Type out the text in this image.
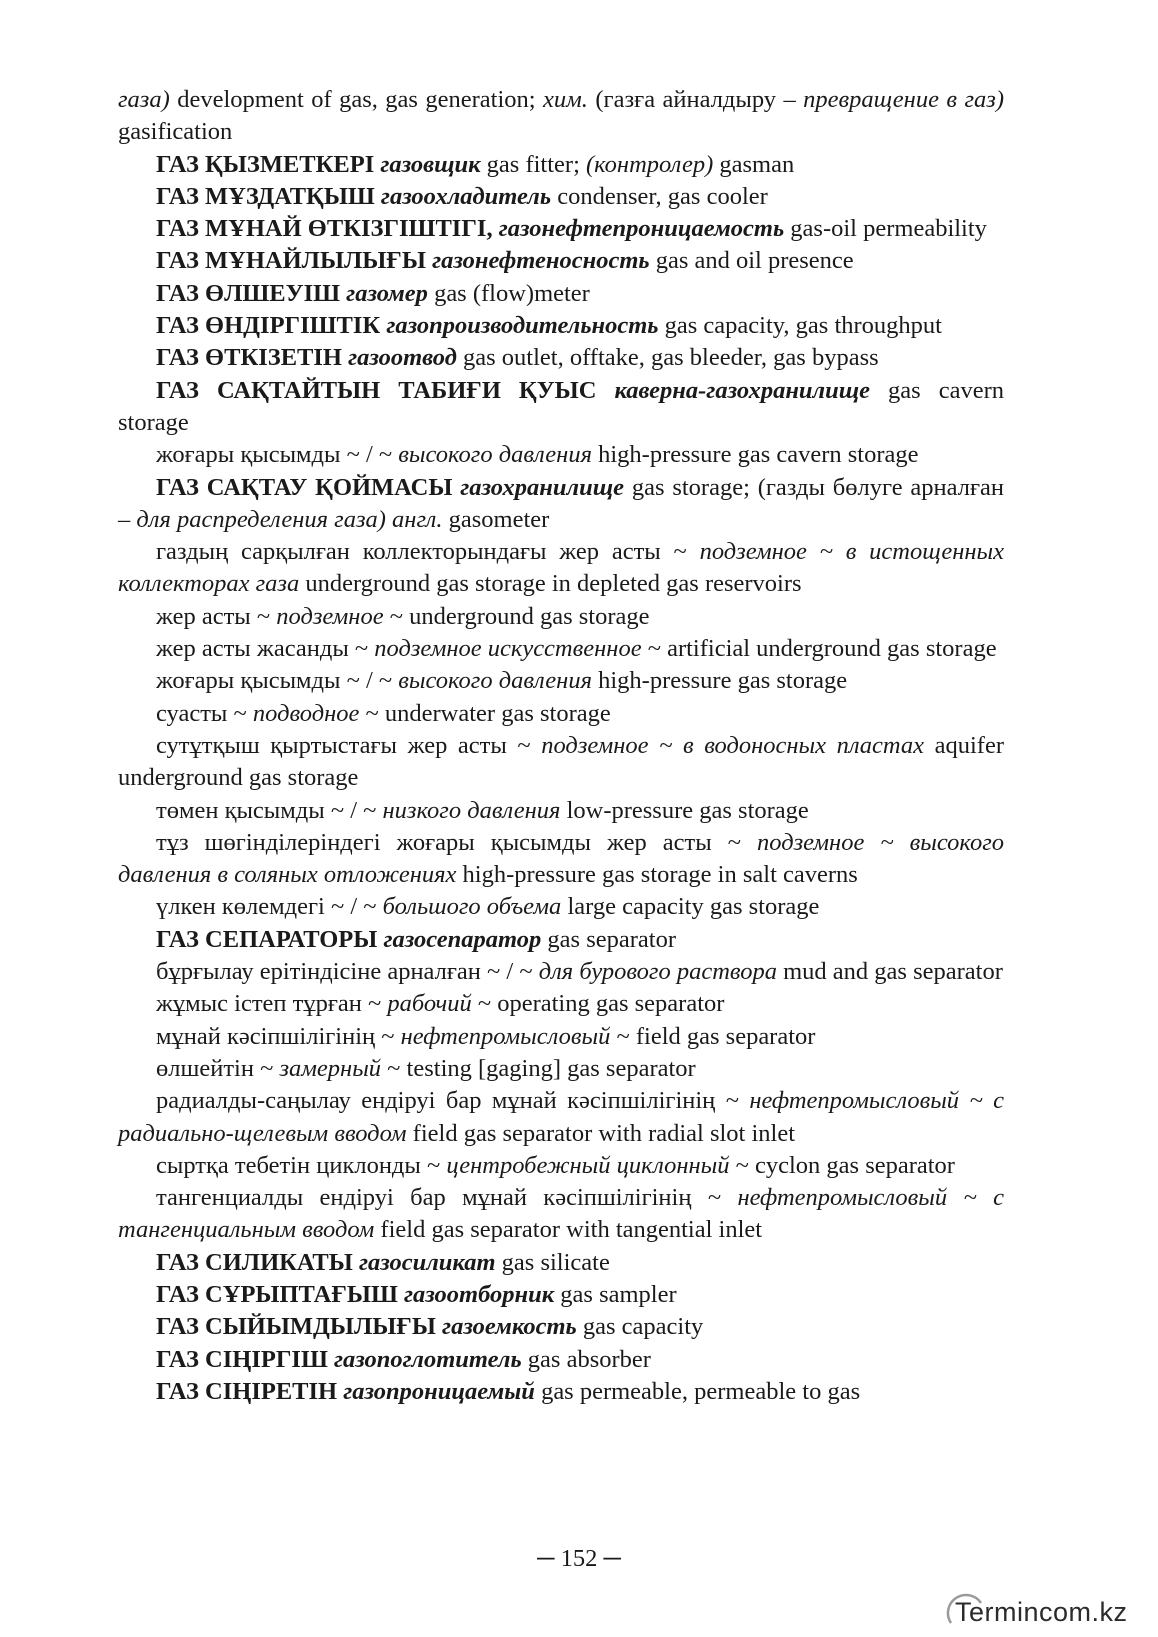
газа) development of gas, gas generation; хим. (газға айналдыру – превращение в газ) gasification

ГАЗ ҚЫЗМЕТКЕРІ газовщик gas fitter; (контролер) gasman

ГАЗ МҰЗДАТҚЫШ газоохладитель condenser, gas cooler

ГАЗ МҰНАЙ ӨТКІЗГІШТІГІ, газонефтепроницаемость gas-oil permeability

ГАЗ МҰНАЙЛЫЛЫҒЫ газонефтеносность gas and oil presence

ГАЗ ӨЛШЕУІШ газомер gas (flow)meter

ГАЗ ӨНДІРГІШТІК газопроизводительность gas capacity, gas throughput

ГАЗ ӨТКІЗЕТІН газоотвод gas outlet, offtake, gas bleeder, gas bypass

ГАЗ САҚТАЙТЫН ТАБИҒИ ҚУЫС каверна-газохранилище gas cavern storage

жоғары қысымды ~ / ~ высокого давления high-pressure gas cavern storage

ГАЗ САҚТАУ ҚОЙМАСЫ газохранилище gas storage; (газды бөлуге арналған – для распределения газа) англ. gasometer

газдың сарқылған коллекторындағы жер асты ~ подземное ~ в истощенных коллекторах газа underground gas storage in depleted gas reservoirs

жер асты ~ подземное ~ underground gas storage

жер асты жасанды ~ подземное искусственное ~ artificial underground gas storage

жоғары қысымды ~ / ~ высокого давления high-pressure gas storage

суасты ~ подводное ~ underwater gas storage

сутұтқыш қыртыстағы жер асты ~ подземное ~ в водоносных пластах aquifer underground gas storage

төмен қысымды ~ / ~ низкого давления low-pressure gas storage

тұз шөгінділеріндегі жоғары қысымды жер асты ~ подземное ~ высокого давления в соляных отложениях high-pressure gas storage in salt caverns

үлкен көлемдегі ~ / ~ большого объема large capacity gas storage

ГАЗ СЕПАРАТОРЫ газосепаратор gas separator

бұрғылау ерітіндісіне арналған ~ / ~ для бурового раствора mud and gas separator

жұмыс істеп тұрған ~ рабочий ~ operating gas separator

мұнай кәсіпшілігінің ~ нефтепромысловый ~ field gas separator

өлшейтін ~ замерный ~ testing [gaging] gas separator

радиалды-саңылау ендіруі бар мұнай кәсіпшілігінің ~ нефтепромысловый ~ с радиально-щелевым вводом field gas separator with radial slot inlet

сыртқа тебетін циклонды ~ центробежный циклонный ~ cyclon gas separator

тангенциалды ендіруі бар мұнай кәсіпшілігінің ~ нефтепромысловый ~ с тангенциальным вводом field gas separator with tangential inlet

ГАЗ СИЛИКАТЫ газосиликат gas silicate

ГАЗ СҰРЫПТАҒЫШ газоотборник gas sampler

ГАЗ СЫЙЫМДЫЛЫҒЫ газоемкость gas capacity

ГАЗ СІҢІРГІШ газопоглотитель gas absorber

ГАЗ СІҢІРЕТІН газопроницаемый gas permeable, permeable to gas

─ 152 ─
Termincom.kz
